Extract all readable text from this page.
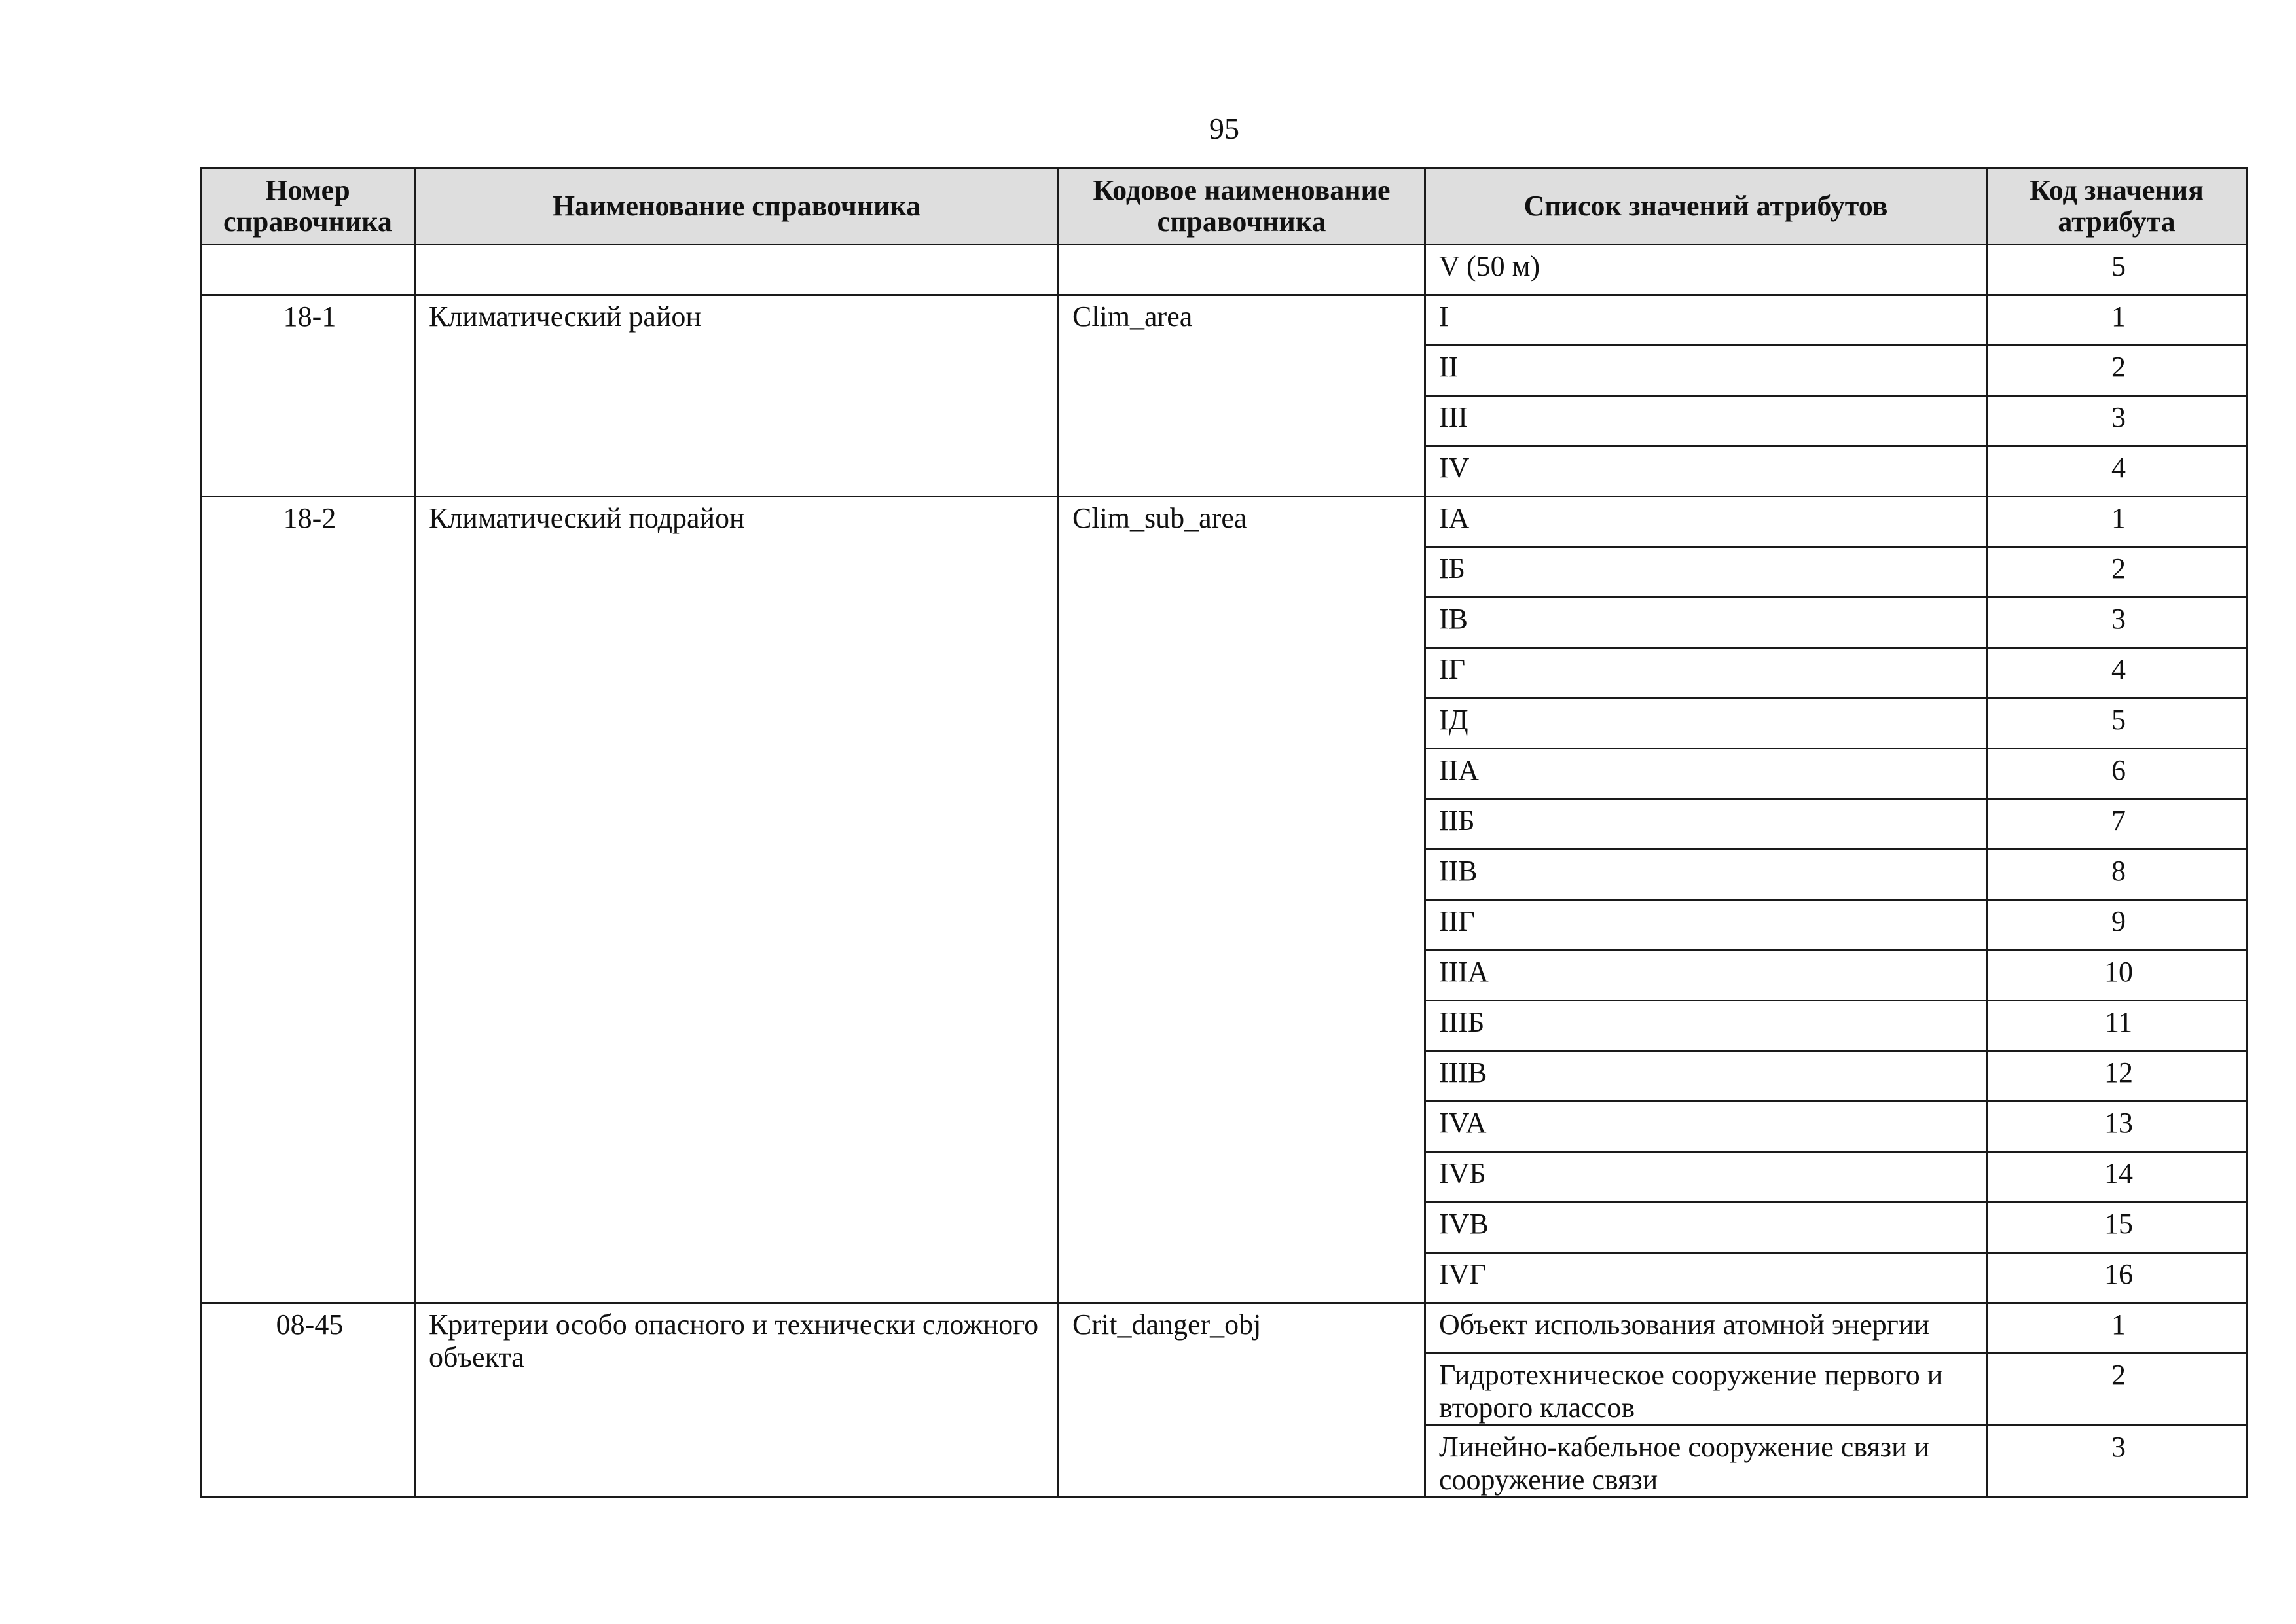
95
Номер справочника	Наименование справочника	Кодовое наименование справочника	Список значений атрибутов	Код значения атрибута
			V (50 м)	5
18-1	Климатический район	Clim_area	I	1
			II	2
			III	3
			IV	4
18-2	Климатический подрайон	Clim_sub_area	IA	1
			IБ	2
			IB	3
			IГ	4
			IД	5
			IIA	6
			IIБ	7
			IIB	8
			IIГ	9
			IIIA	10
			IIIБ	11
			IIIB	12
			IVA	13
			IVБ	14
			IVB	15
			IVГ	16
08-45	Критерии особо опасного и технически сложного объекта	Crit_danger_obj	Объект использования атомной энергии	1
			Гидротехническое сооружение первого и второго классов	2
			Линейно-кабельное сооружение связи и сооружение связи	3
